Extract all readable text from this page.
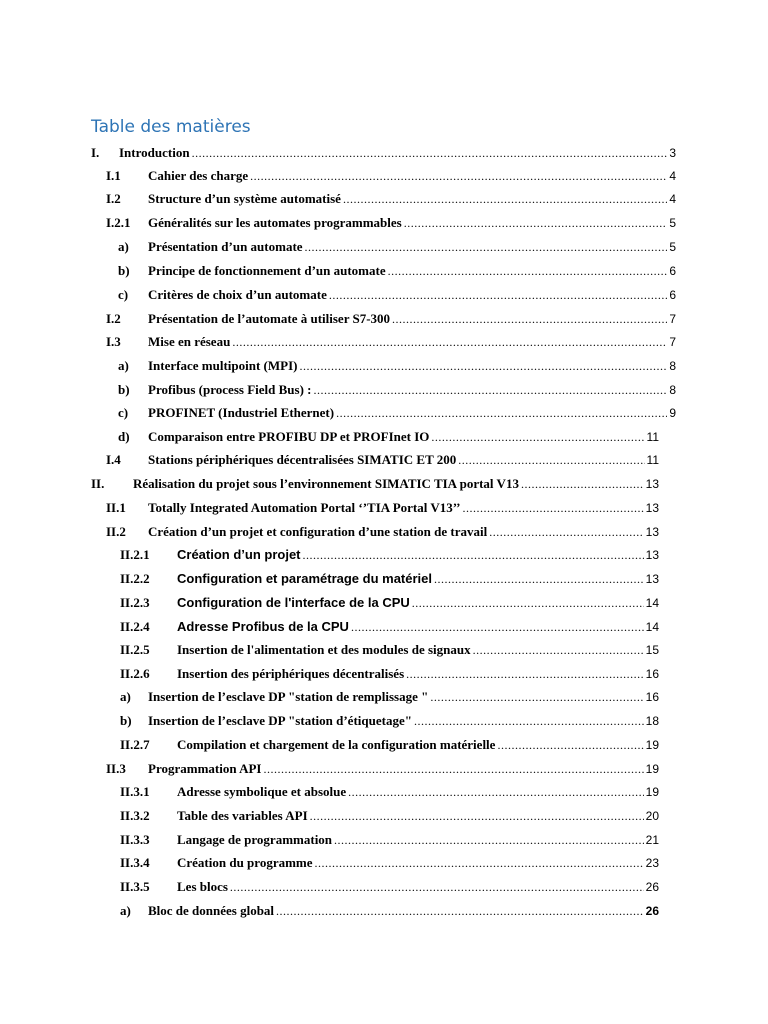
Table des matières
I. Introduction .....	3
I.1 Cahier des charge .....	4
I.2 Structure d’un système automatisé .....	4
I.2.1 Généralités sur les automates programmables .....	5
a) Présentation d’un automate .....	5
b) Principe de fonctionnement d’un automate .....	6
c) Critères de choix d’un automate .....	6
I.2 Présentation de l’automate à utiliser S7-300 .....	7
I.3 Mise en réseau .....	7
a) Interface multipoint (MPI) .....	8
b) Profibus (process Field Bus) : .....	8
c) PROFINET (Industriel Ethernet) .....	9
d) Comparaison entre PROFIBU DP et PROFInet IO .....	11
I.4 Stations périphériques décentralisées SIMATIC ET 200 .....	11
II. Réalisation du projet sous l’environnement SIMATIC TIA portal V13 .....	13
II.1 Totally Integrated Automation Portal ‘’TIA Portal V13’’ .....	13
II.2 Création d’un projet et configuration d’une station de travail .....	13
II.2.1 Création d’un projet .....	13
II.2.2 Configuration et paramétrage du matériel .....	13
II.2.3 Configuration de l'interface de la CPU .....	14
II.2.4 Adresse Profibus de la CPU .....	14
II.2.5 Insertion de l'alimentation et des modules de signaux .....	15
II.2.6 Insertion des périphériques décentralisés .....	16
a) Insertion de l’esclave DP "station de remplissage " .....	16
b) Insertion de l’esclave DP "station d’étiquetage" .....	18
II.2.7 Compilation et chargement de la configuration matérielle .....	19
II.3 Programmation API .....	19
II.3.1 Adresse symbolique et absolue .....	19
II.3.2 Table des variables API .....	20
II.3.3 Langage de programmation .....	21
II.3.4 Création du programme .....	23
II.3.5 Les blocs .....	26
a) Bloc de données global .....	26
